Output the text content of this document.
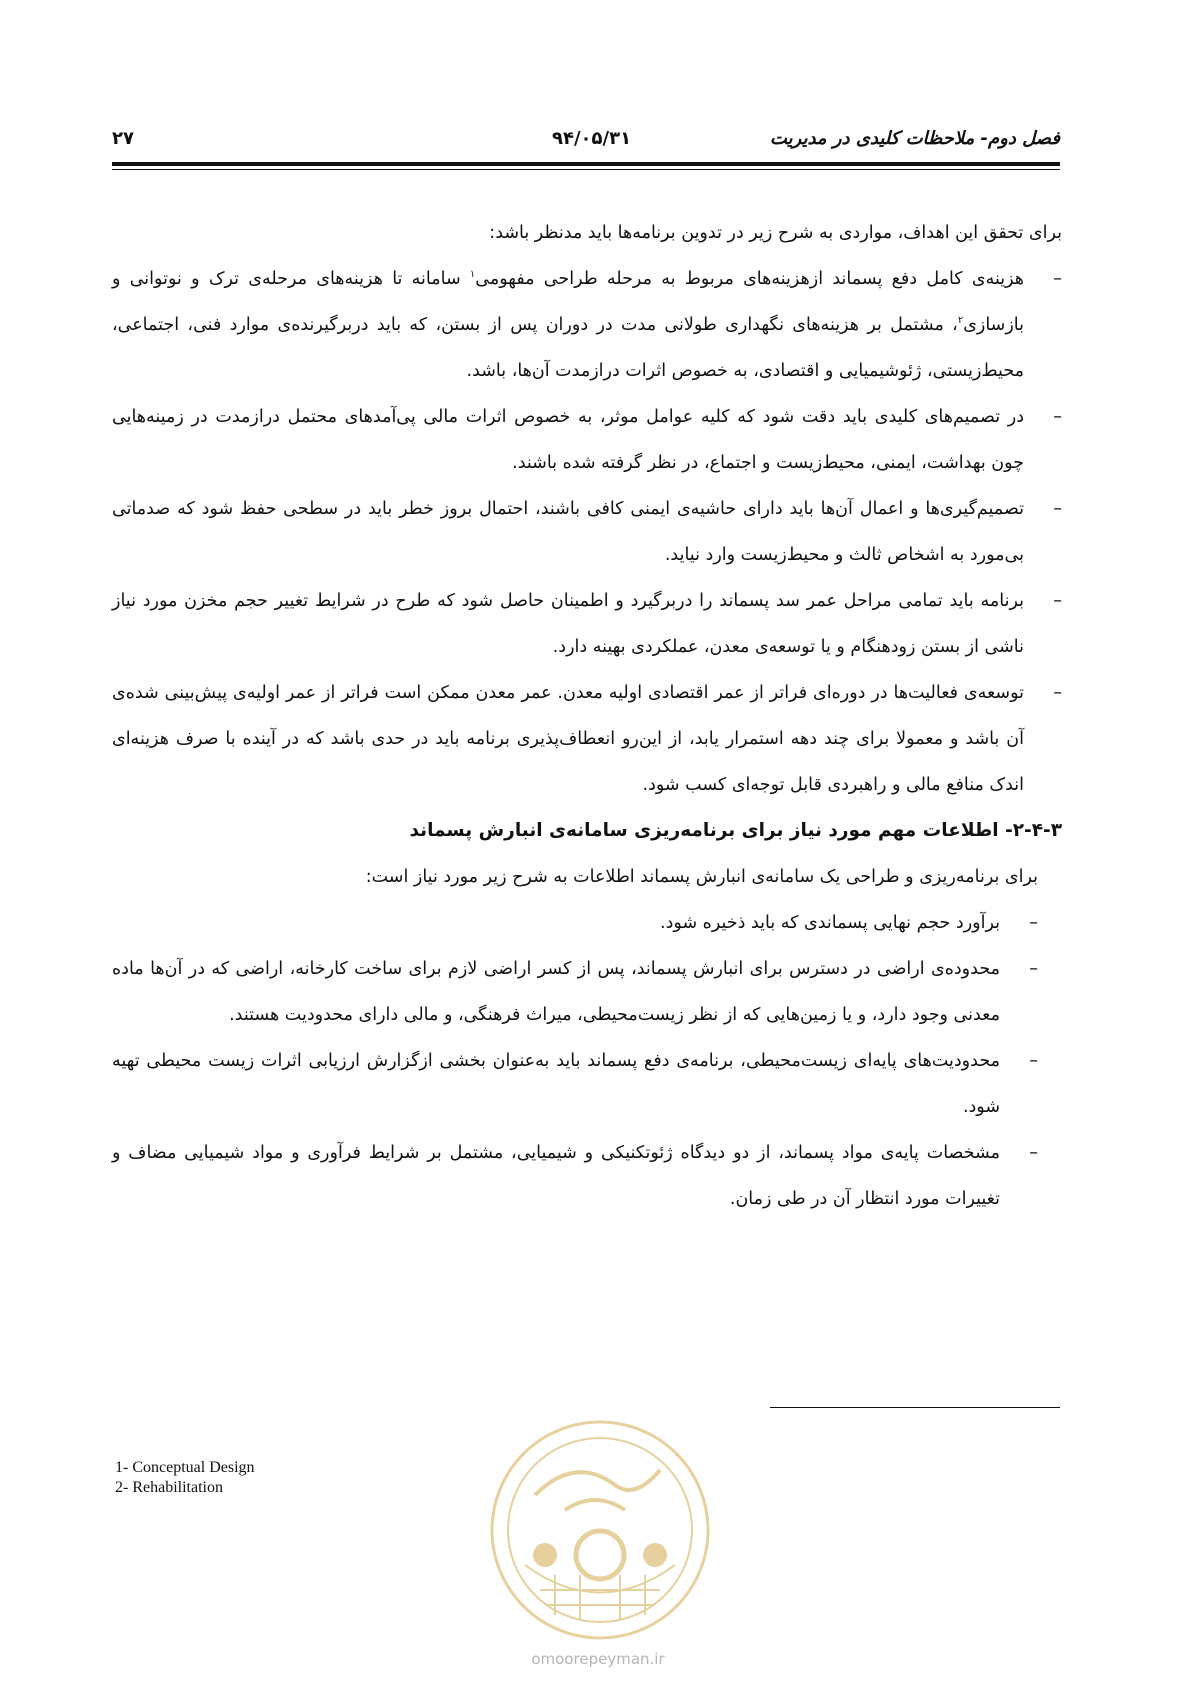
فصل دوم- ملاحظات کلیدی در مدیریت
۹۴/۰۵/۳۱
۲۷

برای تحقق این اهداف، مواردی به شرح زیر در تدوین برنامه‌ها باید مدنظر باشد:

–
هزینه‌ی کامل دفع پسماند ازهزینه‌های مربوط به مرحله طراحی مفهومی$^۱$ سامانه تا هزینه‌های مرحله‌ی ترک و نوتوانی و بازسازی$^۲$، مشتمل بر هزینه‌های نگهداری طولانی مدت در دوران پس از بستن، که باید دربرگیرنده‌ی موارد فنی، اجتماعی، محیط‌زیستی، ژئوشیمیایی و اقتصادی، به خصوص اثرات درازمدت آن‌ها، باشد.
–
در تصمیم‌های کلیدی باید دقت شود که کلیه عوامل موثر، به خصوص اثرات مالی پی‌آمدهای محتمل درازمدت در زمینه‌هایی چون بهداشت، ایمنی، محیط‌زیست و اجتماع، در نظر گرفته شده باشند.
–
تصمیم‌گیری‌ها و اعمال آن‌ها باید دارای حاشیه‌ی ایمنی کافی باشند، احتمال بروز خطر باید در سطحی حفظ شود که صدماتی بی‌مورد به اشخاص ثالث و محیط‌زیست وارد نیاید.
–
برنامه باید تمامی مراحل عمر سد پسماند را دربرگیرد و اطمینان حاصل شود که طرح در شرایط تغییر حجم مخزن مورد نیاز ناشی از بستن زودهنگام و یا توسعه‌ی معدن، عملکردی بهینه دارد.
–
توسعه‌ی فعالیت‌ها در دوره‌ای فراتر از عمر اقتصادی اولیه معدن. عمر معدن ممکن است فراتر از عمر اولیه‌ی پیش‌بینی شده‌ی آن باشد و معمولا برای چند دهه استمرار یابد، از این‌رو انعطاف‌پذیری برنامه باید در حدی باشد که در آینده با صرف هزینه‌ای اندک منافع مالی و راهبردی قابل توجه‌ای کسب شود.

۲-۴-۳- اطلاعات مهم مورد نیاز برای برنامه‌ریزی سامانه‌ی انبارش پسماند

برای برنامه‌ریزی و طراحی یک سامانه‌ی انبارش پسماند اطلاعات به شرح زیر مورد نیاز است:

–
برآورد حجم نهایی پسماندی که باید ذخیره شود.
–
محدوده‌ی اراضی در دسترس برای انبارش پسماند، پس از کسر اراضی لازم برای ساخت کارخانه، اراضی که در آن‌ها ماده معدنی وجود دارد، و یا زمین‌هایی که از نظر زیست‌محیطی، میراث فرهنگی، و مالی دارای محدودیت هستند.
–
محدودیت‌های پایه‌ای زیست‌محیطی، برنامه‌ی دفع پسماند باید به‌عنوان بخشی ازگزارش ارزیابی اثرات زیست محیطی تهیه شود.
–
مشخصات پایه‌ی مواد پسماند، از دو دیدگاه ژئوتکنیکی و شیمیایی، مشتمل بر شرایط فرآوری و مواد شیمیایی مضاف و تغییرات مورد انتظار آن در طی زمان.
1- Conceptual Design
2- Rehabilitation
omoorepeyman.ir
